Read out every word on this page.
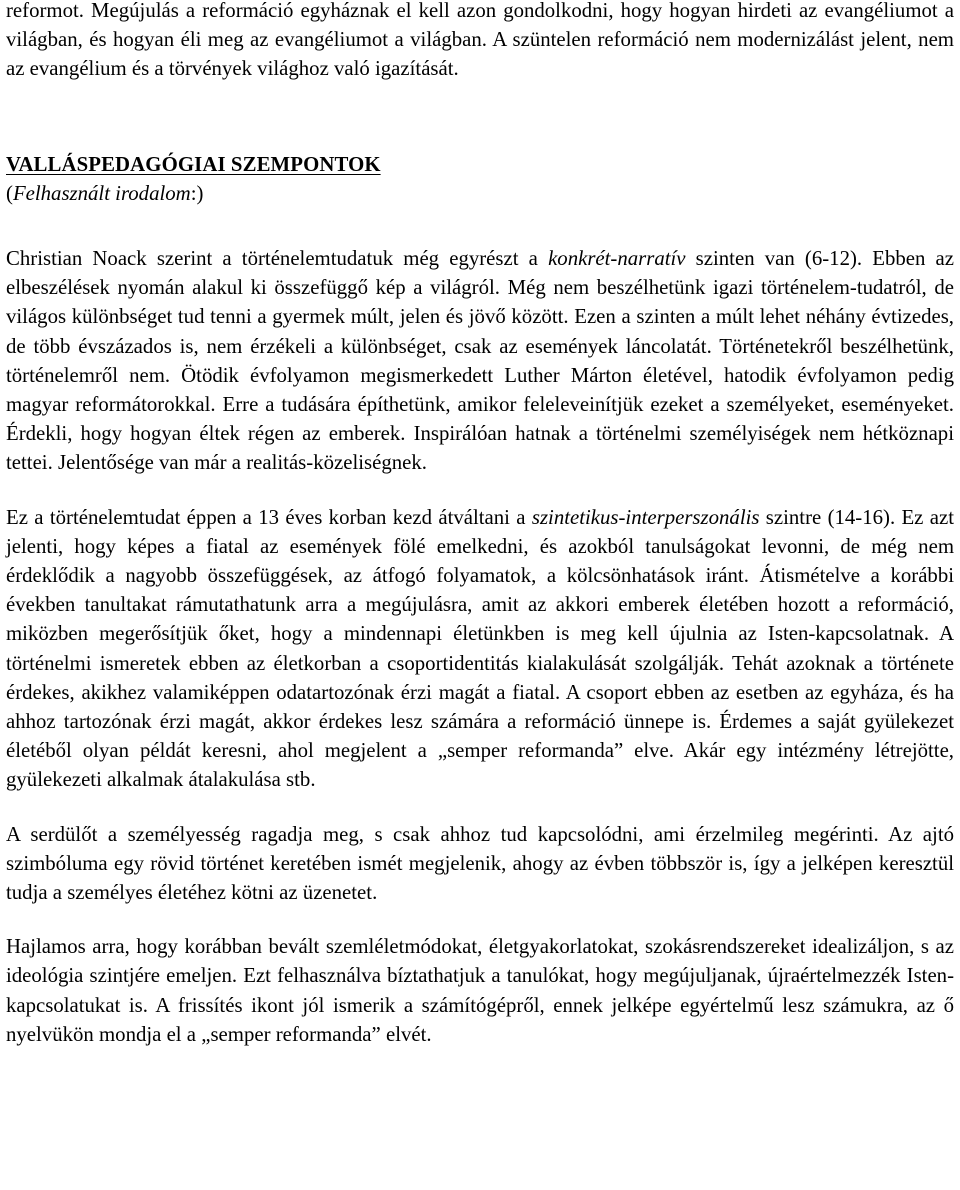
reformot. Megújulás a reformáció egyháznak el kell azon gondolkodni, hogy hogyan hirdeti az evangéliumot a világban, és hogyan éli meg az evangéliumot a világban. A szüntelen reformáció nem modernizálást jelent, nem az evangélium és a törvények világhoz való igazítását.

VALLÁSPEDAGÓGIAI SZEMPONTOK
(Felhasznált irodalom:)

Christian Noack szerint a történelemtudatuk még egyrészt a konkrét-narratív szinten van (6-12). Ebben az elbeszélések nyomán alakul ki összefüggő kép a világról. Még nem beszélhetünk igazi történelem-tudatról, de világos különbséget tud tenni a gyermek múlt, jelen és jövő között. Ezen a szinten a múlt lehet néhány évtizedes, de több évszázados is, nem érzékeli a különbséget, csak az események láncolatát. Történetekről beszélhetünk, történelemről nem. Ötödik évfolyamon megismerkedett Luther Márton életével, hatodik évfolyamon pedig magyar reformátorokkal. Erre a tudására építhetünk, amikor feleleveinítjük ezeket a személyeket, eseményeket. Érdekli, hogy hogyan éltek régen az emberek. Inspirálóan hatnak a történelmi személyiségek nem hétköznapi tettei. Jelentősége van már a realitás-közeliségnek.

Ez a történelemtudat éppen a 13 éves korban kezd átváltani a szintetikus-interperszonális szintre (14-16). Ez azt jelenti, hogy képes a fiatal az események fölé emelkedni, és azokból tanulságokat levonni, de még nem érdeklődik a nagyobb összefüggések, az átfogó folyamatok, a kölcsönhatások iránt. Átismételve a korábbi években tanultakat rámutathatunk arra a megújulásra, amit az akkori emberek életében hozott a reformáció, miközben megerősítjük őket, hogy a mindennapi életünkben is meg kell újulnia az Isten-kapcsolatnak. A történelmi ismeretek ebben az életkorban a csoportidentitás kialakulását szolgálják. Tehát azoknak a története érdekes, akikhez valamiképpen odatartozónak érzi magát a fiatal. A csoport ebben az esetben az egyháza, és ha ahhoz tartozónak érzi magát, akkor érdekes lesz számára a reformáció ünnepe is. Érdemes a saját gyülekezet életéből olyan példát keresni, ahol megjelent a „semper reformanda” elve. Akár egy intézmény létrejötte, gyülekezeti alkalmak átalakulása stb.

A serdülőt a személyesség ragadja meg, s csak ahhoz tud kapcsolódni, ami érzelmileg megérinti. Az ajtó szimbóluma egy rövid történet keretében ismét megjelenik, ahogy az évben többször is, így a jelképen keresztül tudja a személyes életéhez kötni az üzenetet.

Hajlamos arra, hogy korábban bevált szemléletmódokat, életgyakorlatokat, szokásrendszereket idealizáljon, s az ideológia szintjére emeljen. Ezt felhasználva bíztathatjuk a tanulókat, hogy megújuljanak, újraértelmezzék Isten-kapcsolatukat is. A frissítés ikont jól ismerik a számítógépről, ennek jelképe egyértelmű lesz számukra, az ő nyelvükön mondja el a „semper reformanda” elvét.
